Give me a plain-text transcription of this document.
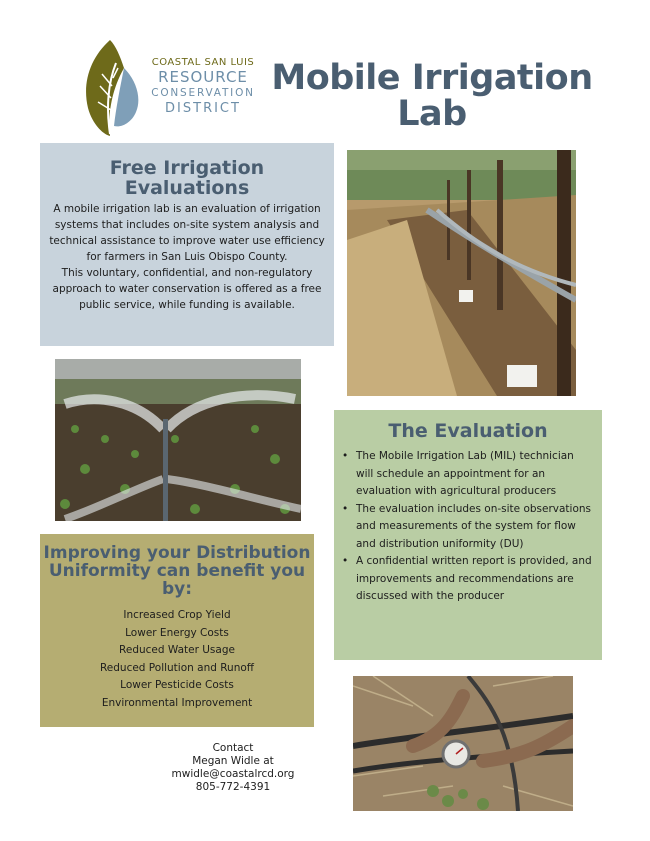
COASTAL SAN LUIS
RESOURCE
CONSERVATION
DISTRICT
Mobile Irrigation
Lab
Free Irrigation Evaluations

A mobile irrigation lab is an evaluation of irrigation systems that includes on-site system analysis and technical assistance to improve water use efficiency for farmers in San Luis Obispo County.

This voluntary, confidential, and non-regulatory approach to water conservation is offered as a free public service, while funding is available.

The Evaluation
• The Mobile Irrigation Lab (MIL) technician will schedule an appointment for an evaluation with agricultural producers
• The evaluation includes on-site observations and measurements of the system for flow and distribution uniformity (DU)
• A confidential written report is provided, and improvements and recommendations are discussed with the producer
Improving your Distribution Uniformity can benefit you by:
Increased Crop Yield
Lower Energy Costs
Reduced Water Usage
Reduced Pollution and Runoff
Lower Pesticide Costs
Environmental Improvement
Contact
Megan Widle at
mwidle@coastalrcd.org
805-772-4391
